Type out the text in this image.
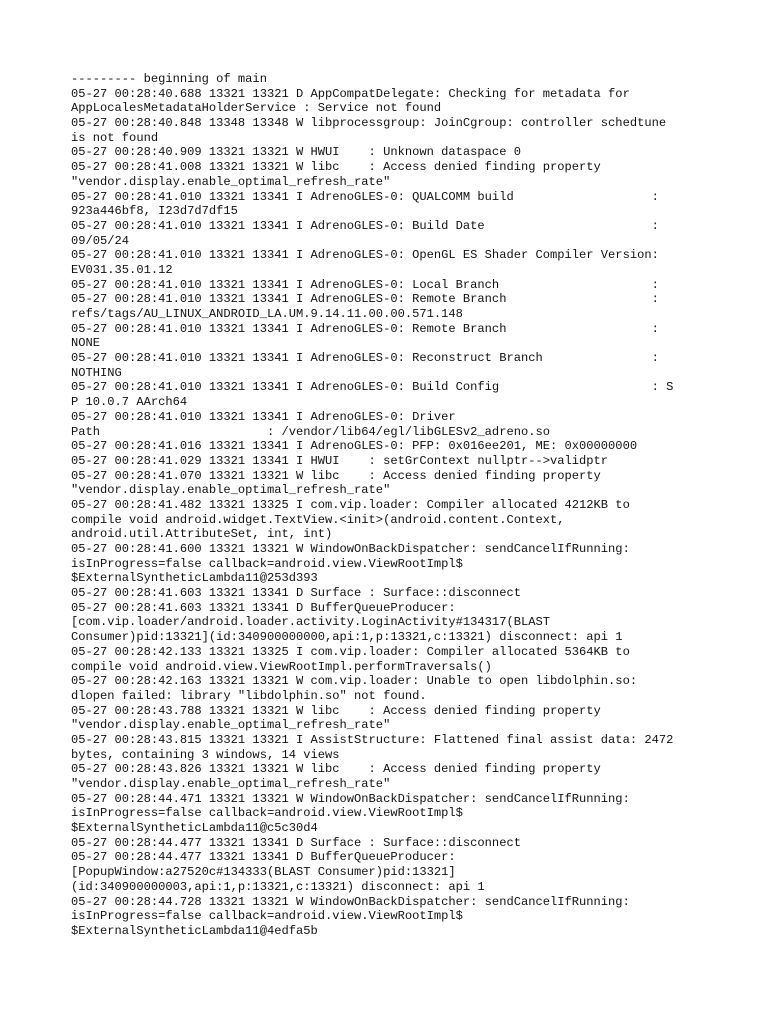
--------- beginning of main
05-27 00:28:40.688 13321 13321 D AppCompatDelegate: Checking for metadata for
AppLocalesMetadataHolderService : Service not found
05-27 00:28:40.848 13348 13348 W libprocessgroup: JoinCgroup: controller schedtune
is not found
05-27 00:28:40.909 13321 13321 W HWUI    : Unknown dataspace 0
05-27 00:28:41.008 13321 13321 W libc    : Access denied finding property
"vendor.display.enable_optimal_refresh_rate"
05-27 00:28:41.010 13321 13341 I AdrenoGLES-0: QUALCOMM build                   :
923a446bf8, I23d7d7df15
05-27 00:28:41.010 13321 13341 I AdrenoGLES-0: Build Date                       :
09/05/24
05-27 00:28:41.010 13321 13341 I AdrenoGLES-0: OpenGL ES Shader Compiler Version:
EV031.35.01.12
05-27 00:28:41.010 13321 13341 I AdrenoGLES-0: Local Branch                     :
05-27 00:28:41.010 13321 13341 I AdrenoGLES-0: Remote Branch                    :
refs/tags/AU_LINUX_ANDROID_LA.UM.9.14.11.00.00.571.148
05-27 00:28:41.010 13321 13341 I AdrenoGLES-0: Remote Branch                    :
NONE
05-27 00:28:41.010 13321 13341 I AdrenoGLES-0: Reconstruct Branch               :
NOTHING
05-27 00:28:41.010 13321 13341 I AdrenoGLES-0: Build Config                     : S
P 10.0.7 AArch64
05-27 00:28:41.010 13321 13341 I AdrenoGLES-0: Driver
Path                       : /vendor/lib64/egl/libGLESv2_adreno.so
05-27 00:28:41.016 13321 13341 I AdrenoGLES-0: PFP: 0x016ee201, ME: 0x00000000
05-27 00:28:41.029 13321 13341 I HWUI    : setGrContext nullptr-->validptr
05-27 00:28:41.070 13321 13321 W libc    : Access denied finding property
"vendor.display.enable_optimal_refresh_rate"
05-27 00:28:41.482 13321 13325 I com.vip.loader: Compiler allocated 4212KB to
compile void android.widget.TextView.<init>(android.content.Context,
android.util.AttributeSet, int, int)
05-27 00:28:41.600 13321 13321 W WindowOnBackDispatcher: sendCancelIfRunning:
isInProgress=false callback=android.view.ViewRootImpl$
$ExternalSyntheticLambda11@253d393
05-27 00:28:41.603 13321 13341 D Surface : Surface::disconnect
05-27 00:28:41.603 13321 13341 D BufferQueueProducer:
[com.vip.loader/android.loader.activity.LoginActivity#134317(BLAST
Consumer)pid:13321](id:340900000000,api:1,p:13321,c:13321) disconnect: api 1
05-27 00:28:42.133 13321 13325 I com.vip.loader: Compiler allocated 5364KB to
compile void android.view.ViewRootImpl.performTraversals()
05-27 00:28:42.163 13321 13321 W com.vip.loader: Unable to open libdolphin.so:
dlopen failed: library "libdolphin.so" not found.
05-27 00:28:43.788 13321 13321 W libc    : Access denied finding property
"vendor.display.enable_optimal_refresh_rate"
05-27 00:28:43.815 13321 13321 I AssistStructure: Flattened final assist data: 2472
bytes, containing 3 windows, 14 views
05-27 00:28:43.826 13321 13321 W libc    : Access denied finding property
"vendor.display.enable_optimal_refresh_rate"
05-27 00:28:44.471 13321 13321 W WindowOnBackDispatcher: sendCancelIfRunning:
isInProgress=false callback=android.view.ViewRootImpl$
$ExternalSyntheticLambda11@c5c30d4
05-27 00:28:44.477 13321 13341 D Surface : Surface::disconnect
05-27 00:28:44.477 13321 13341 D BufferQueueProducer:
[PopupWindow:a27520c#134333(BLAST Consumer)pid:13321]
(id:340900000003,api:1,p:13321,c:13321) disconnect: api 1
05-27 00:28:44.728 13321 13321 W WindowOnBackDispatcher: sendCancelIfRunning:
isInProgress=false callback=android.view.ViewRootImpl$
$ExternalSyntheticLambda11@4edfa5b
